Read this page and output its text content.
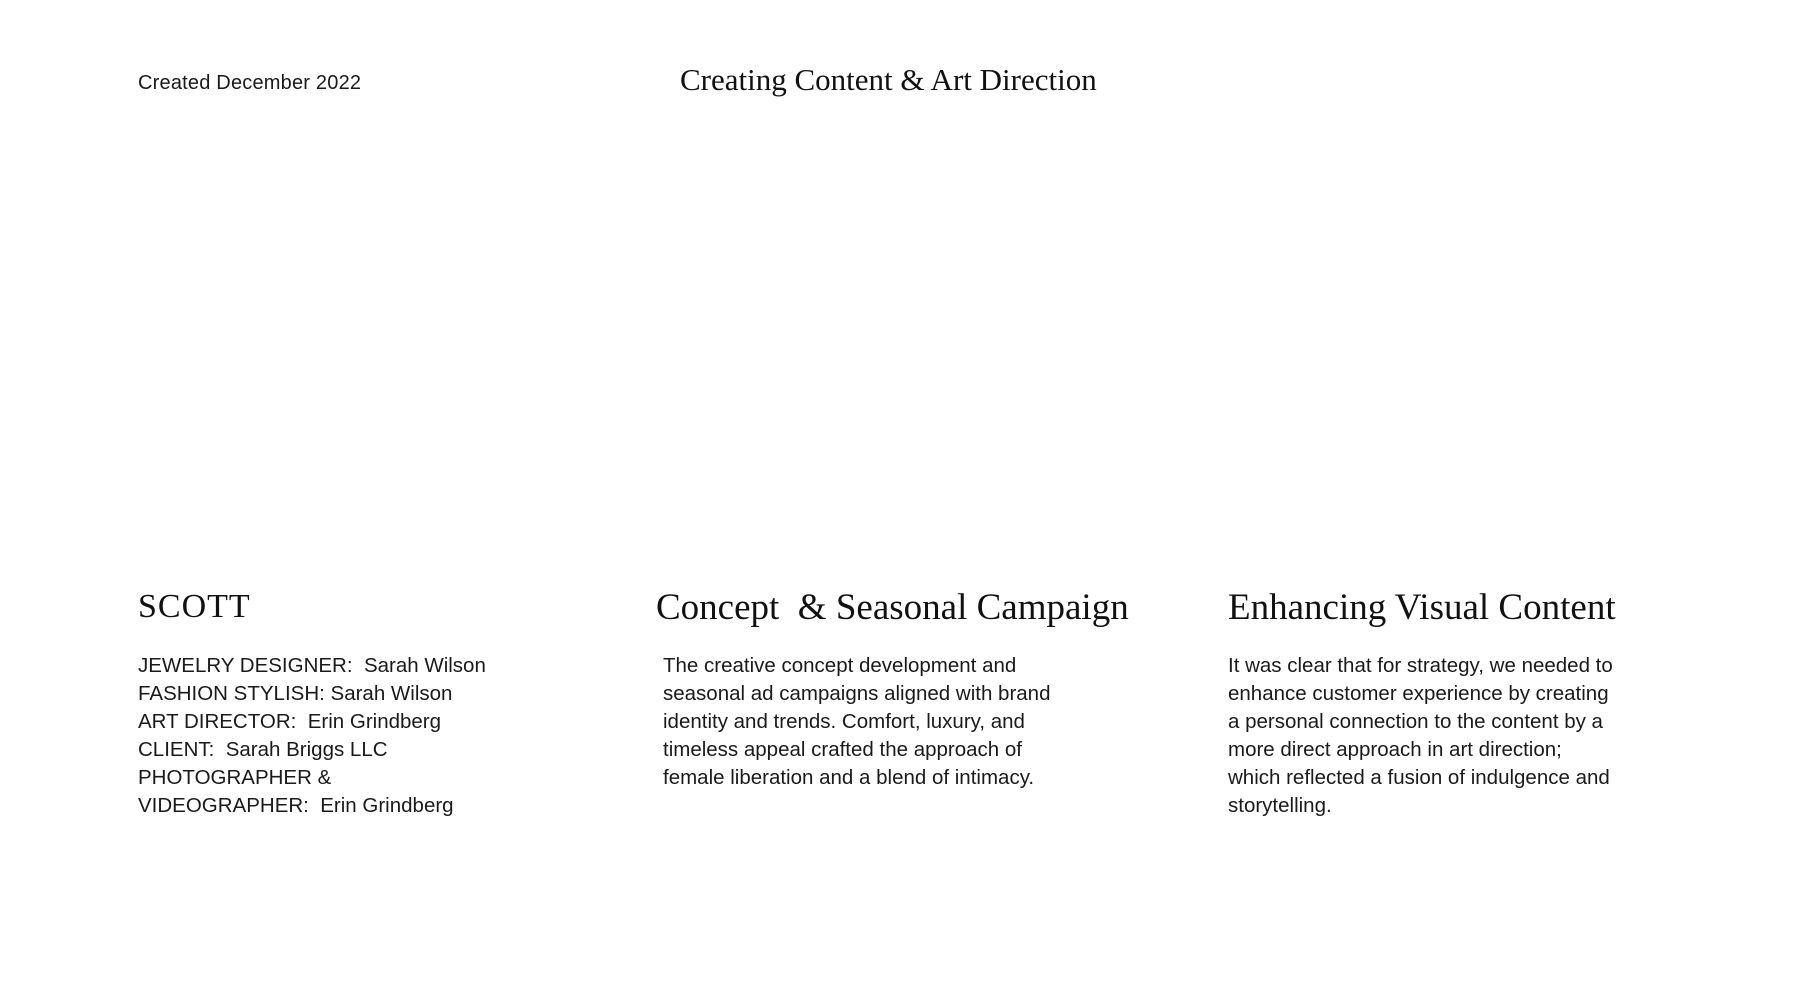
Created December 2022	Creating Content & Art Direction
SCOTT
JEWELRY DESIGNER:  Sarah Wilson
FASHION STYLISH: Sarah Wilson
ART DIRECTOR:  Erin Grindberg
CLIENT:  Sarah Briggs LLC
PHOTOGRAPHER &
VIDEOGRAPHER:  Erin Grindberg
Concept  & Seasonal Campaign
The creative concept development and
seasonal ad campaigns aligned with brand
identity and trends. Comfort, luxury, and
timeless appeal crafted the approach of
female liberation and a blend of intimacy.
Enhancing Visual Content
It was clear that for strategy, we needed to
enhance customer experience by creating
a personal connection to the content by a
more direct approach in art direction;
which reflected a fusion of indulgence and
storytelling.
